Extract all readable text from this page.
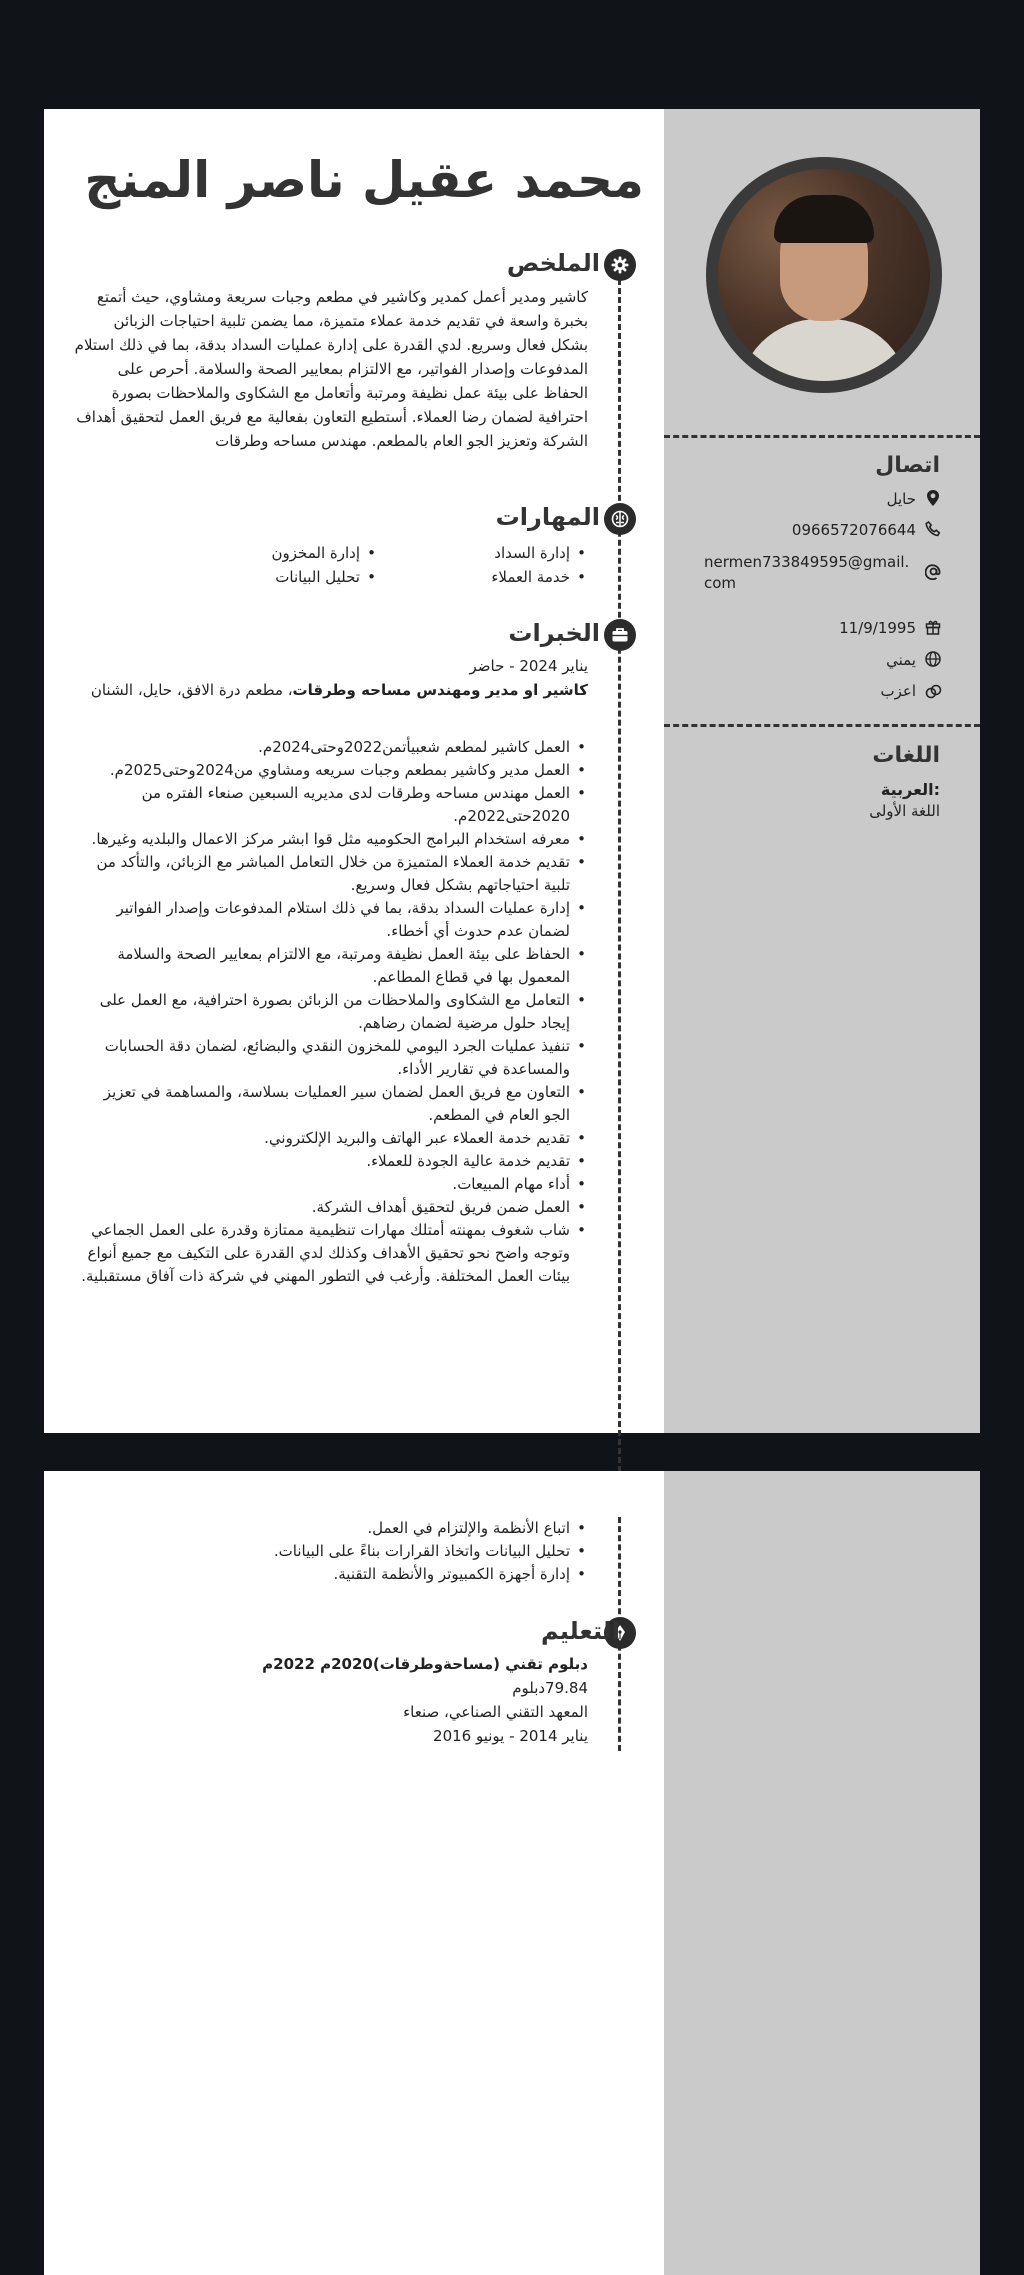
اتصال
حايل
0966572076644
nermen733849595@gmail.com
11/9/1995
يمني
اعزب
اللغات
العربية:
اللغة الأولى
محمد عقيل ناصر المنج
الملخص
كاشير ومدير أعمل كمدير وكاشير في مطعم وجبات سريعة ومشاوي، حيث أتمتع بخبرة واسعة في تقديم خدمة عملاء متميزة، مما يضمن تلبية احتياجات الزبائن بشكل فعال وسريع. لدي القدرة على إدارة عمليات السداد بدقة، بما في ذلك استلام المدفوعات وإصدار الفواتير، مع الالتزام بمعايير الصحة والسلامة. أحرص على الحفاظ على بيئة عمل نظيفة ومرتبة وأتعامل مع الشكاوى والملاحظات بصورة احترافية لضمان رضا العملاء. أستطيع التعاون بفعالية مع فريق العمل لتحقيق أهداف الشركة وتعزيز الجو العام بالمطعم. مهندس مساحه وطرقات
المهارات
• إدارة السداد
• إدارة المخزون
• خدمة العملاء
• تحليل البيانات
الخبرات
يناير 2024 - حاضر
كاشير او مدير ومهندس مساحه وطرقات، مطعم درة الافق، حايل، الشنان
• العمل كاشير لمطعم شعبيأتمن2022وحتى2024م.
• العمل مدير وكاشير بمطعم وجبات سريعه ومشاوي من2024وحتى2025م.
• العمل مهندس مساحه وطرقات لدى مديريه السبعين صنعاء الفتره من 2020حتى2022م.
• معرفه استخدام البرامج الحكوميه مثل قوا ابشر مركز الاعمال والبلديه وغيرها.
• تقديم خدمة العملاء المتميزة من خلال التعامل المباشر مع الزبائن، والتأكد من تلبية احتياجاتهم بشكل فعال وسريع.
• إدارة عمليات السداد بدقة، بما في ذلك استلام المدفوعات وإصدار الفواتير لضمان عدم حدوث أي أخطاء.
• الحفاظ على بيئة العمل نظيفة ومرتبة، مع الالتزام بمعايير الصحة والسلامة المعمول بها في قطاع المطاعم.
• التعامل مع الشكاوى والملاحظات من الزبائن بصورة احترافية، مع العمل على إيجاد حلول مرضية لضمان رضاهم.
• تنفيذ عمليات الجرد اليومي للمخزون النقدي والبضائع، لضمان دقة الحسابات والمساعدة في تقارير الأداء.
• التعاون مع فريق العمل لضمان سير العمليات بسلاسة، والمساهمة في تعزيز الجو العام في المطعم.
• تقديم خدمة العملاء عبر الهاتف والبريد الإلكتروني.
• تقديم خدمة عالية الجودة للعملاء.
• أداء مهام المبيعات.
• العمل ضمن فريق لتحقيق أهداف الشركة.
• شاب شغوف بمهنته أمتلك مهارات تنظيمية ممتازة وقدرة على العمل الجماعي وتوجه واضح نحو تحقيق الأهداف وكذلك لدي القدرة على التكيف مع جميع أنواع بيئات العمل المختلفة. وأرغب في التطور المهني في شركة ذات آفاق مستقبلية.
• اتباع الأنظمة والإلتزام في العمل.
• تحليل البيانات واتخاذ القرارات بناءً على البيانات.
• إدارة أجهزة الكمبيوتر والأنظمة التقنية.
التعليم
دبلوم تقني (مساحةوطرقات)2020م 2022م
79.84دبلوم
المعهد التقني الصناعي، صنعاء
يناير 2014 - يونيو 2016
